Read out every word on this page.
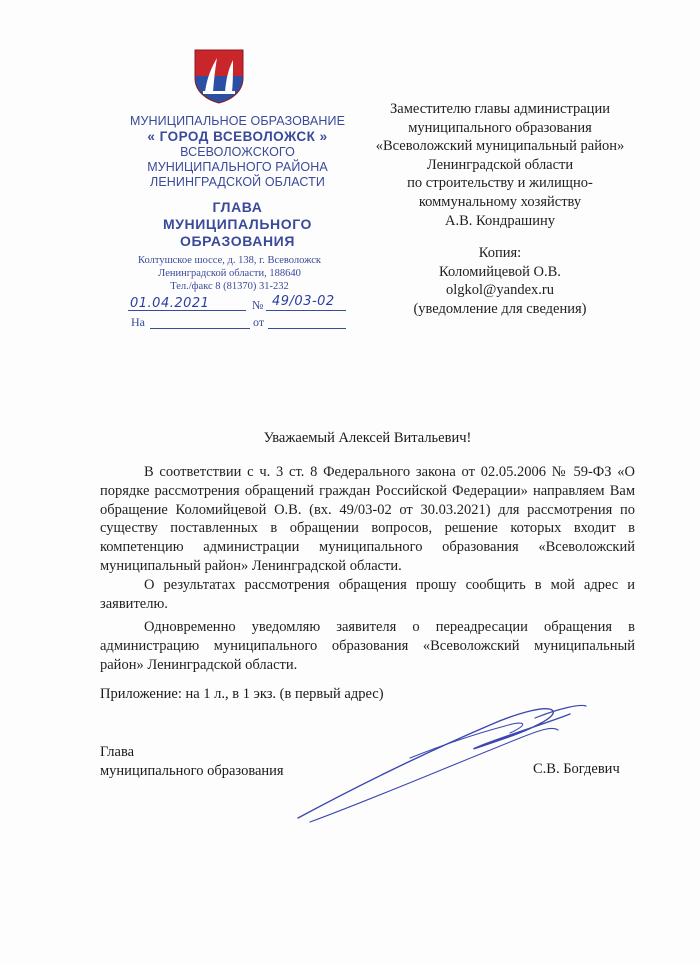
МУНИЦИПАЛЬНОЕ ОБРАЗОВАНИЕ
« ГОРОД ВСЕВОЛОЖСК »
ВСЕВОЛОЖСКОГО
МУНИЦИПАЛЬНОГО РАЙОНА
ЛЕНИНГРАДСКОЙ ОБЛАСТИ
ГЛАВА
МУНИЦИПАЛЬНОГО
ОБРАЗОВАНИЯ
Колтушское шоссе, д. 138, г. Всеволожск
Ленинградской области, 188640
Тел./факс 8 (81370) 31-232
01.04.2021	№ 49/03-02
На	от
Заместителю главы администрации
муниципального образования
«Всеволожский муниципальный район»
Ленинградской области
по строительству и жилищно-
коммунальному хозяйству
А.В. Кондрашину
Копия:
Коломийцевой О.В.
olgkol@yandex.ru
(уведомление для сведения)
Уважаемый Алексей Витальевич!

В соответствии с ч. 3 ст. 8 Федерального закона от 02.05.2006 № 59-ФЗ «О порядке рассмотрения обращений граждан Российской Федерации» направляем Вам обращение Коломийцевой О.В. (вх. 49/03-02 от 30.03.2021) для рассмотрения по существу поставленных в обращении вопросов, решение которых входит в компетенцию администрации муниципального образования «Всеволожский муниципальный район» Ленинградской области.

О результатах рассмотрения обращения прошу сообщить в мой адрес и заявителю.

Одновременно уведомляю заявителя о переадресации обращения в администрацию муниципального образования «Всеволожский муниципальный район» Ленинградской области.

Приложение: на 1 л., в 1 экз. (в первый адрес)
Глава
муниципального образования	С.В. Богдевич
